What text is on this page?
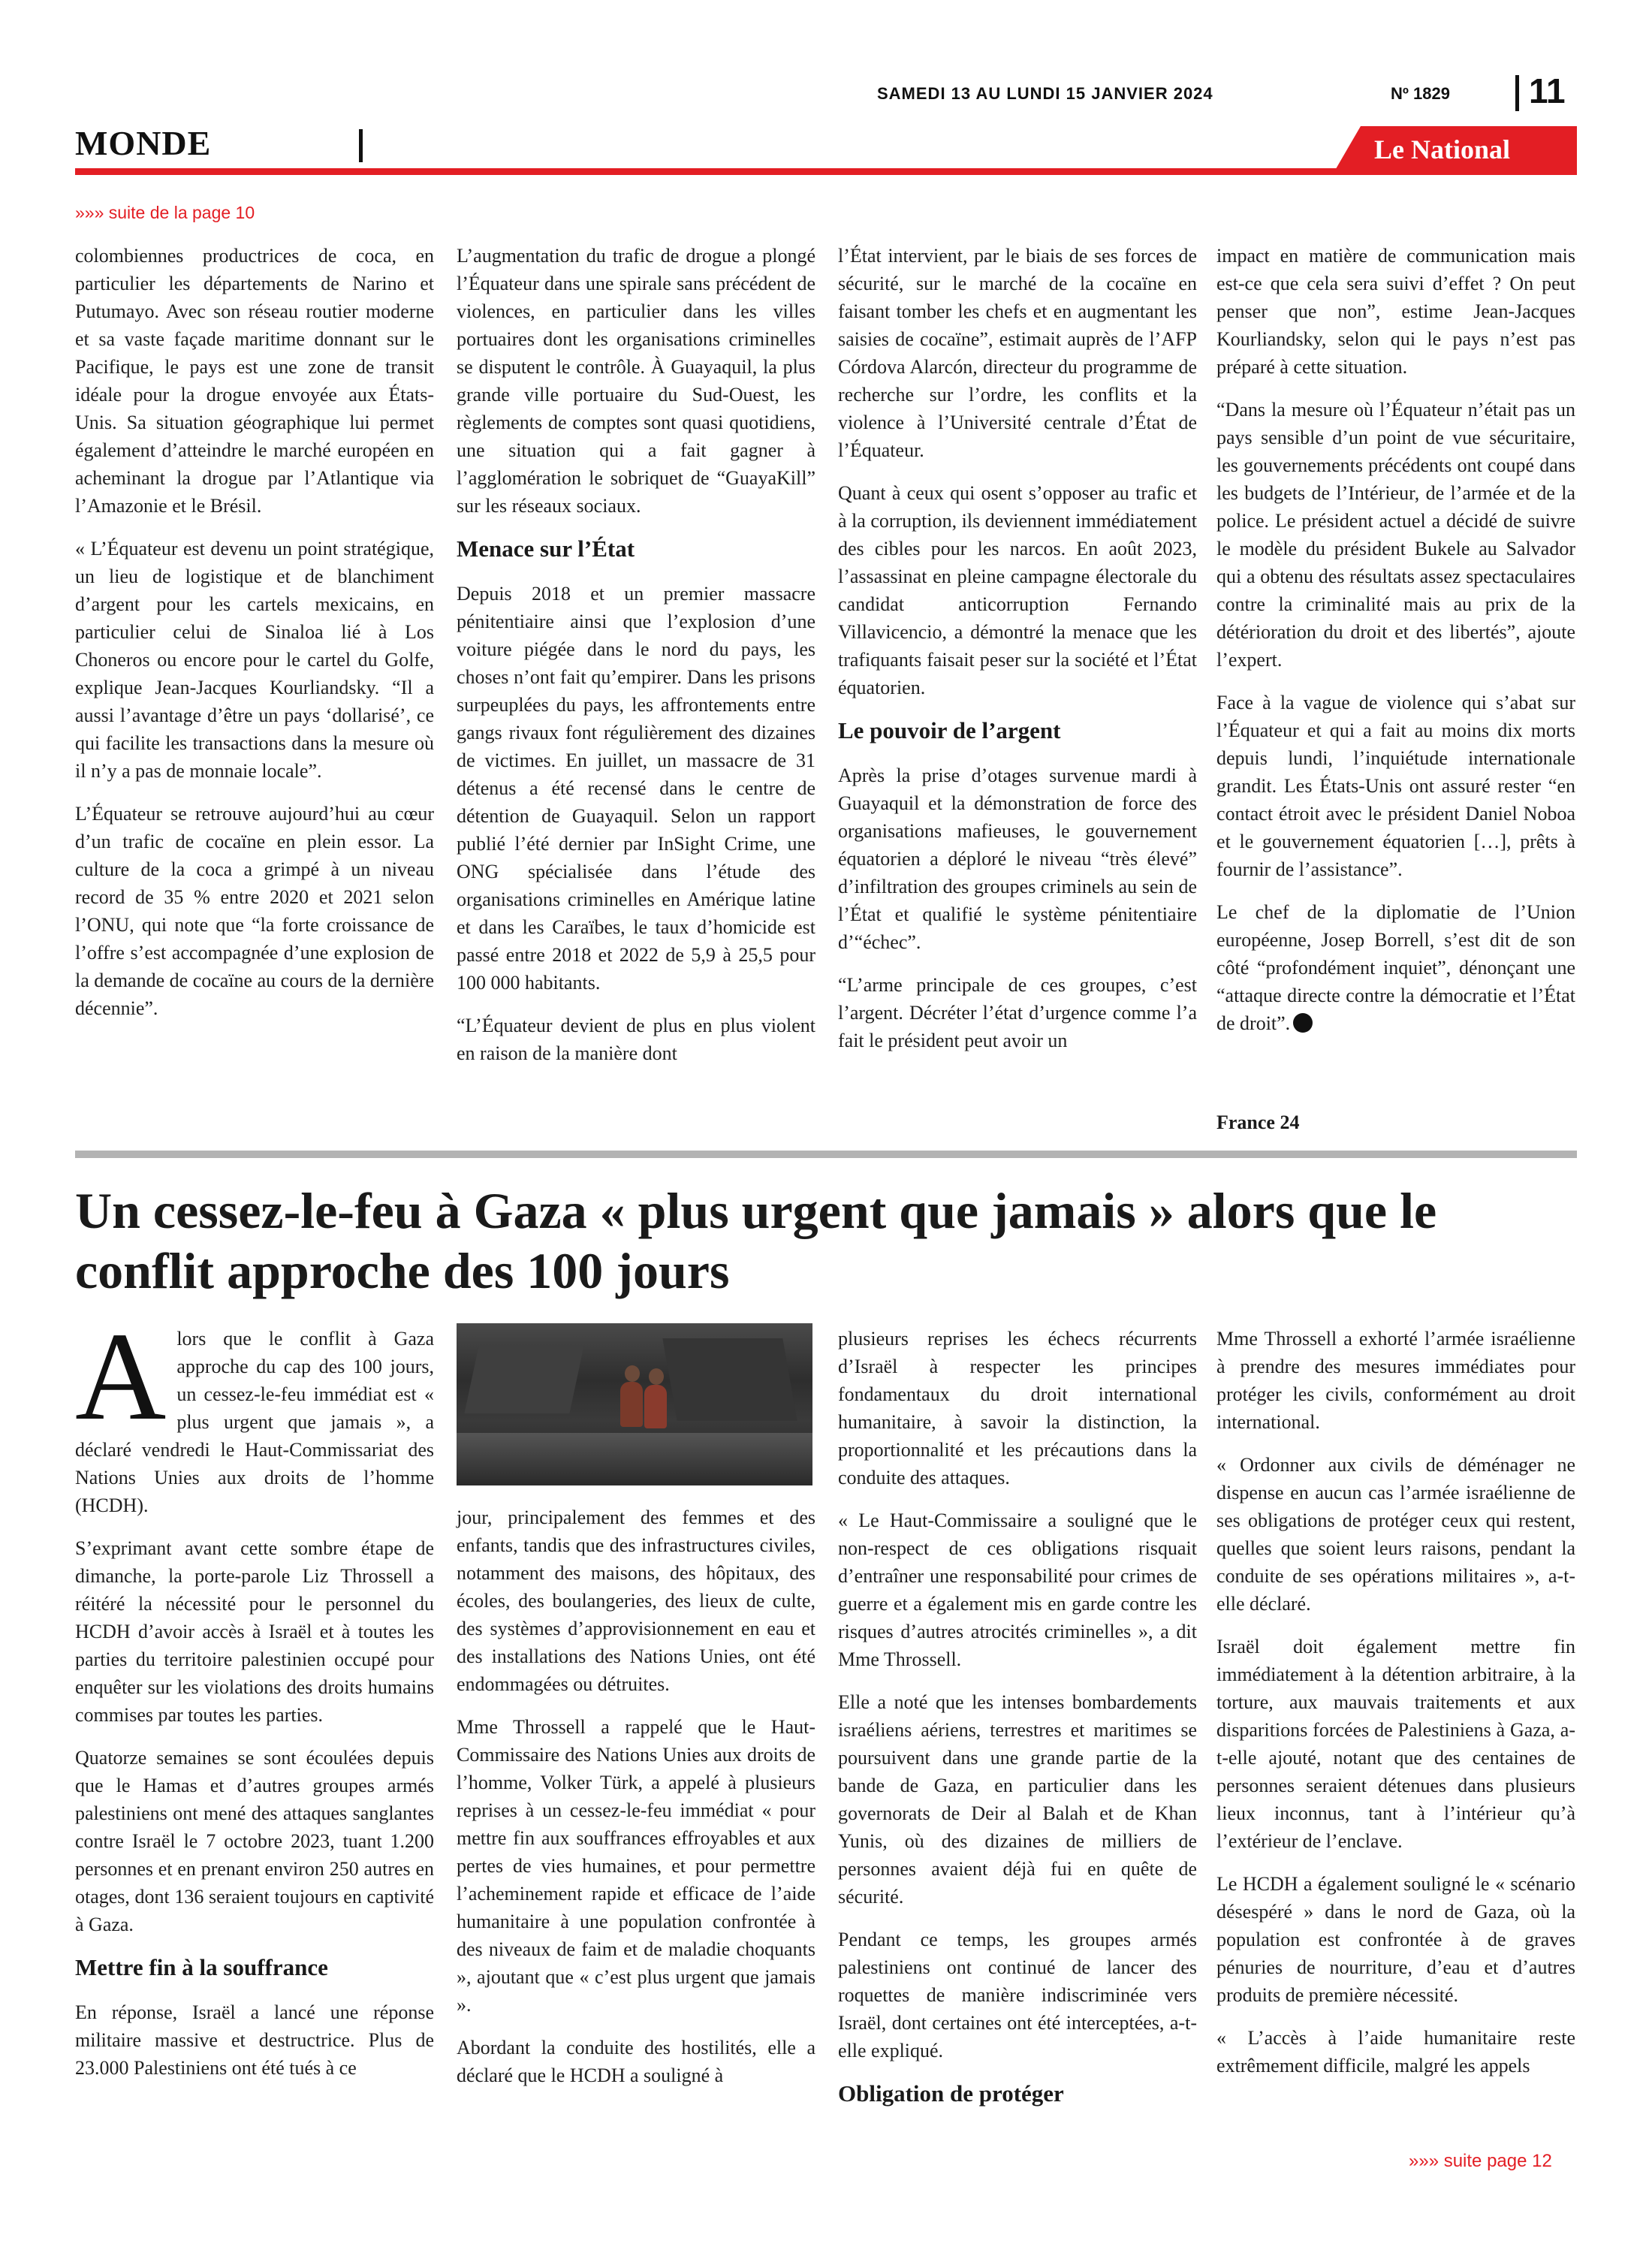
SAMEDI 13 AU LUNDI 15 JANVIER 2024	Nº 1829 11
MONDE	Le National
»»» suite de la page 10

colombiennes productrices de coca, en particulier les départements de Narino et Putumayo. Avec son réseau routier moderne et sa vaste façade maritime donnant sur le Pacifique, le pays est une zone de transit idéale pour la drogue envoyée aux États-Unis. Sa situation géographique lui permet également d’atteindre le marché européen en acheminant la drogue par l’Atlantique via l’Amazonie et le Brésil.

« L’Équateur est devenu un point stratégique, un lieu de logistique et de blanchiment d’argent pour les cartels mexicains, en particulier celui de Sinaloa lié à Los Choneros ou encore pour le cartel du Golfe, explique Jean-Jacques Kourliandsky. “Il a aussi l’avantage d’être un pays ‘dollarisé’, ce qui facilite les transactions dans la mesure où il n’y a pas de monnaie locale”.

L’Équateur se retrouve aujourd’hui au cœur d’un trafic de cocaïne en plein essor. La culture de la coca a grimpé à un niveau record de 35 % entre 2020 et 2021 selon l’ONU, qui note que “la forte croissance de l’offre s’est accompagnée d’une explosion de la demande de cocaïne au cours de la dernière décennie”.

L’augmentation du trafic de drogue a plongé l’Équateur dans une spirale sans précédent de violences, en particulier dans les villes portuaires dont les organisations criminelles se disputent le contrôle. À Guayaquil, la plus grande ville portuaire du Sud-Ouest, les règlements de comptes sont quasi quotidiens, une situation qui a fait gagner à l’agglomération le sobriquet de “GuayaKill” sur les réseaux sociaux.

Menace sur l’État

Depuis 2018 et un premier massacre pénitentiaire ainsi que l’explosion d’une voiture piégée dans le nord du pays, les choses n’ont fait qu’empirer. Dans les prisons surpeuplées du pays, les affrontements entre gangs rivaux font régulièrement des dizaines de victimes. En juillet, un massacre de 31 détenus a été recensé dans le centre de détention de Guayaquil. Selon un rapport publié l’été dernier par InSight Crime, une ONG spécialisée dans l’étude des organisations criminelles en Amérique latine et dans les Caraïbes, le taux d’homicide est passé entre 2018 et 2022 de 5,9 à 25,5 pour 100 000 habitants.

“L’Équateur devient de plus en plus violent en raison de la manière dont

l’État intervient, par le biais de ses forces de sécurité, sur le marché de la cocaïne en faisant tomber les chefs et en augmentant les saisies de cocaïne”, estimait auprès de l’AFP Córdova Alarcón, directeur du programme de recherche sur l’ordre, les conflits et la violence à l’Université centrale d’État de l’Équateur.

Quant à ceux qui osent s’opposer au trafic et à la corruption, ils deviennent immédiatement des cibles pour les narcos. En août 2023, l’assassinat en pleine campagne électorale du candidat anticorruption Fernando Villavicencio, a démontré la menace que les trafiquants faisait peser sur la société et l’État équatorien.

Le pouvoir de l’argent

Après la prise d’otages survenue mardi à Guayaquil et la démonstration de force des organisations mafieuses, le gouvernement équatorien a déploré le niveau “très élevé” d’infiltration des groupes criminels au sein de l’État et qualifié le système pénitentiaire d’“échec”.

“L’arme principale de ces groupes, c’est l’argent. Décréter l’état d’urgence comme l’a fait le président peut avoir un

impact en matière de communication mais est-ce que cela sera suivi d’effet ? On peut penser que non”, estime Jean-Jacques Kourliandsky, selon qui le pays n’est pas préparé à cette situation.

“Dans la mesure où l’Équateur n’était pas un pays sensible d’un point de vue sécuritaire, les gouvernements précédents ont coupé dans les budgets de l’Intérieur, de l’armée et de la police. Le président actuel a décidé de suivre le modèle du président Bukele au Salvador qui a obtenu des résultats assez spectaculaires contre la criminalité mais au prix de la détérioration du droit et des libertés”, ajoute l’expert.

Face à la vague de violence qui s’abat sur l’Équateur et qui a fait au moins dix morts depuis lundi, l’inquiétude internationale grandit. Les États-Unis ont assuré rester “en contact étroit avec le président Daniel Noboa et le gouvernement équatorien […], prêts à fournir de l’assistance”.

Le chef de la diplomatie de l’Union européenne, Josep Borrell, s’est dit de son côté “profondément inquiet”, dénonçant une “attaque directe contre la démocratie et l’État de droit”.

France 24
Un cessez-le-feu à Gaza « plus urgent que jamais » alors que le conflit approche des 100 jours

Alors que le conflit à Gaza approche du cap des 100 jours, un cessez-le-feu immédiat est « plus urgent que jamais », a déclaré vendredi le Haut-Commissariat des Nations Unies aux droits de l’homme (HCDH).

S’exprimant avant cette sombre étape de dimanche, la porte-parole Liz Throssell a réitéré la nécessité pour le personnel du HCDH d’avoir accès à Israël et à toutes les parties du territoire palestinien occupé pour enquêter sur les violations des droits humains commises par toutes les parties.

Quatorze semaines se sont écoulées depuis que le Hamas et d’autres groupes armés palestiniens ont mené des attaques sanglantes contre Israël le 7 octobre 2023, tuant 1.200 personnes et en prenant environ 250 autres en otages, dont 136 seraient toujours en captivité à Gaza.

Mettre fin à la souffrance

En réponse, Israël a lancé une réponse militaire massive et destructrice. Plus de 23.000 Palestiniens ont été tués à ce

jour, principalement des femmes et des enfants, tandis que des infrastructures civiles, notamment des maisons, des hôpitaux, des écoles, des boulangeries, des lieux de culte, des systèmes d’approvisionnement en eau et des installations des Nations Unies, ont été endommagées ou détruites.

Mme Throssell a rappelé que le Haut-Commissaire des Nations Unies aux droits de l’homme, Volker Türk, a appelé à plusieurs reprises à un cessez-le-feu immédiat « pour mettre fin aux souffrances effroyables et aux pertes de vies humaines, et pour permettre l’acheminement rapide et efficace de l’aide humanitaire à une population confrontée à des niveaux de faim et de maladie choquants », ajoutant que « c’est plus urgent que jamais ».

Abordant la conduite des hostilités, elle a déclaré que le HCDH a souligné à

plusieurs reprises les échecs récurrents d’Israël à respecter les principes fondamentaux du droit international humanitaire, à savoir la distinction, la proportionnalité et les précautions dans la conduite des attaques.

« Le Haut-Commissaire a souligné que le non-respect de ces obligations risquait d’entraîner une responsabilité pour crimes de guerre et a également mis en garde contre les risques d’autres atrocités criminelles », a dit Mme Throssell.

Elle a noté que les intenses bombardements israéliens aériens, terrestres et maritimes se poursuivent dans une grande partie de la bande de Gaza, en particulier dans les governorats de Deir al Balah et de Khan Yunis, où des dizaines de milliers de personnes avaient déjà fui en quête de sécurité.

Pendant ce temps, les groupes armés palestiniens ont continué de lancer des roquettes de manière indiscriminée vers Israël, dont certaines ont été interceptées, a-t-elle expliqué.

Obligation de protéger

Mme Throssell a exhorté l’armée israélienne à prendre des mesures immédiates pour protéger les civils, conformément au droit international.

« Ordonner aux civils de déménager ne dispense en aucun cas l’armée israélienne de ses obligations de protéger ceux qui restent, quelles que soient leurs raisons, pendant la conduite de ses opérations militaires », a-t-elle déclaré.

Israël doit également mettre fin immédiatement à la détention arbitraire, à la torture, aux mauvais traitements et aux disparitions forcées de Palestiniens à Gaza, a-t-elle ajouté, notant que des centaines de personnes seraient détenues dans plusieurs lieux inconnus, tant à l’intérieur qu’à l’extérieur de l’enclave.

Le HCDH a également souligné le « scénario désespéré » dans le nord de Gaza, où la population est confrontée à de graves pénuries de nourriture, d’eau et d’autres produits de première nécessité.

« L’accès à l’aide humanitaire reste extrêmement difficile, malgré les appels

»»» suite page 12
